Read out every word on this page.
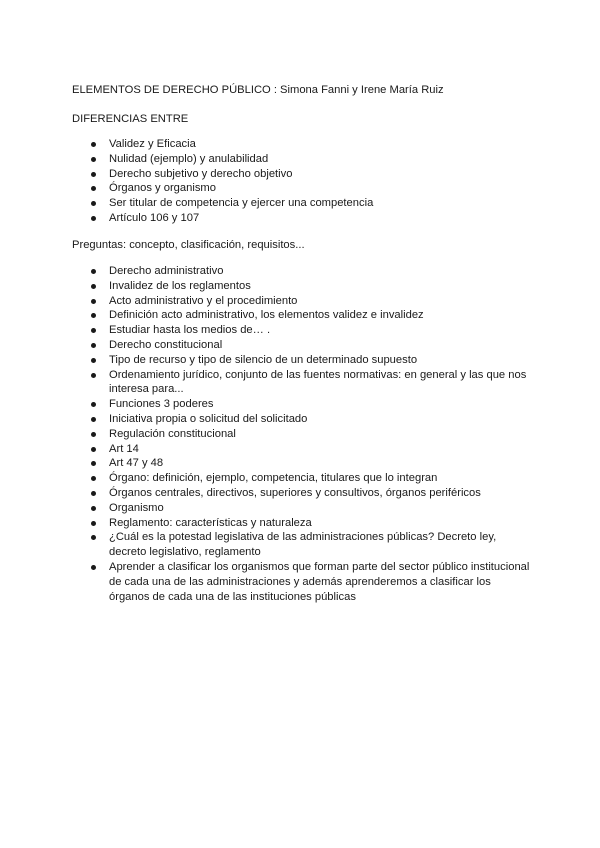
ELEMENTOS DE DERECHO PÚBLICO : Simona Fanni y Irene María Ruiz

DIFERENCIAS ENTRE

Validez y Eficacia
Nulidad (ejemplo) y anulabilidad
Derecho subjetivo y derecho objetivo
Órganos y organismo
Ser titular de competencia y ejercer una competencia
Artículo 106 y 107

Preguntas: concepto, clasificación, requisitos...

Derecho administrativo
Invalidez de los reglamentos
Acto administrativo y el procedimiento
Definición acto administrativo, los elementos validez e invalidez
Estudiar hasta los medios de… .
Derecho constitucional
Tipo de recurso y tipo de silencio de un determinado supuesto
Ordenamiento jurídico, conjunto de las fuentes normativas: en general y las que nos interesa para...
Funciones 3 poderes
Iniciativa propia o solicitud del solicitado
Regulación constitucional
Art 14
Art 47 y 48
Órgano: definición, ejemplo, competencia, titulares que lo integran
Órganos centrales, directivos, superiores y consultivos, órganos periféricos
Organismo
Reglamento: características y naturaleza
¿Cuál es la potestad legislativa de las administraciones públicas? Decreto ley, decreto legislativo, reglamento
Aprender a clasificar los organismos que forman parte del sector público institucional de cada una de las administraciones y además aprenderemos a clasificar los órganos de cada una de las instituciones públicas
